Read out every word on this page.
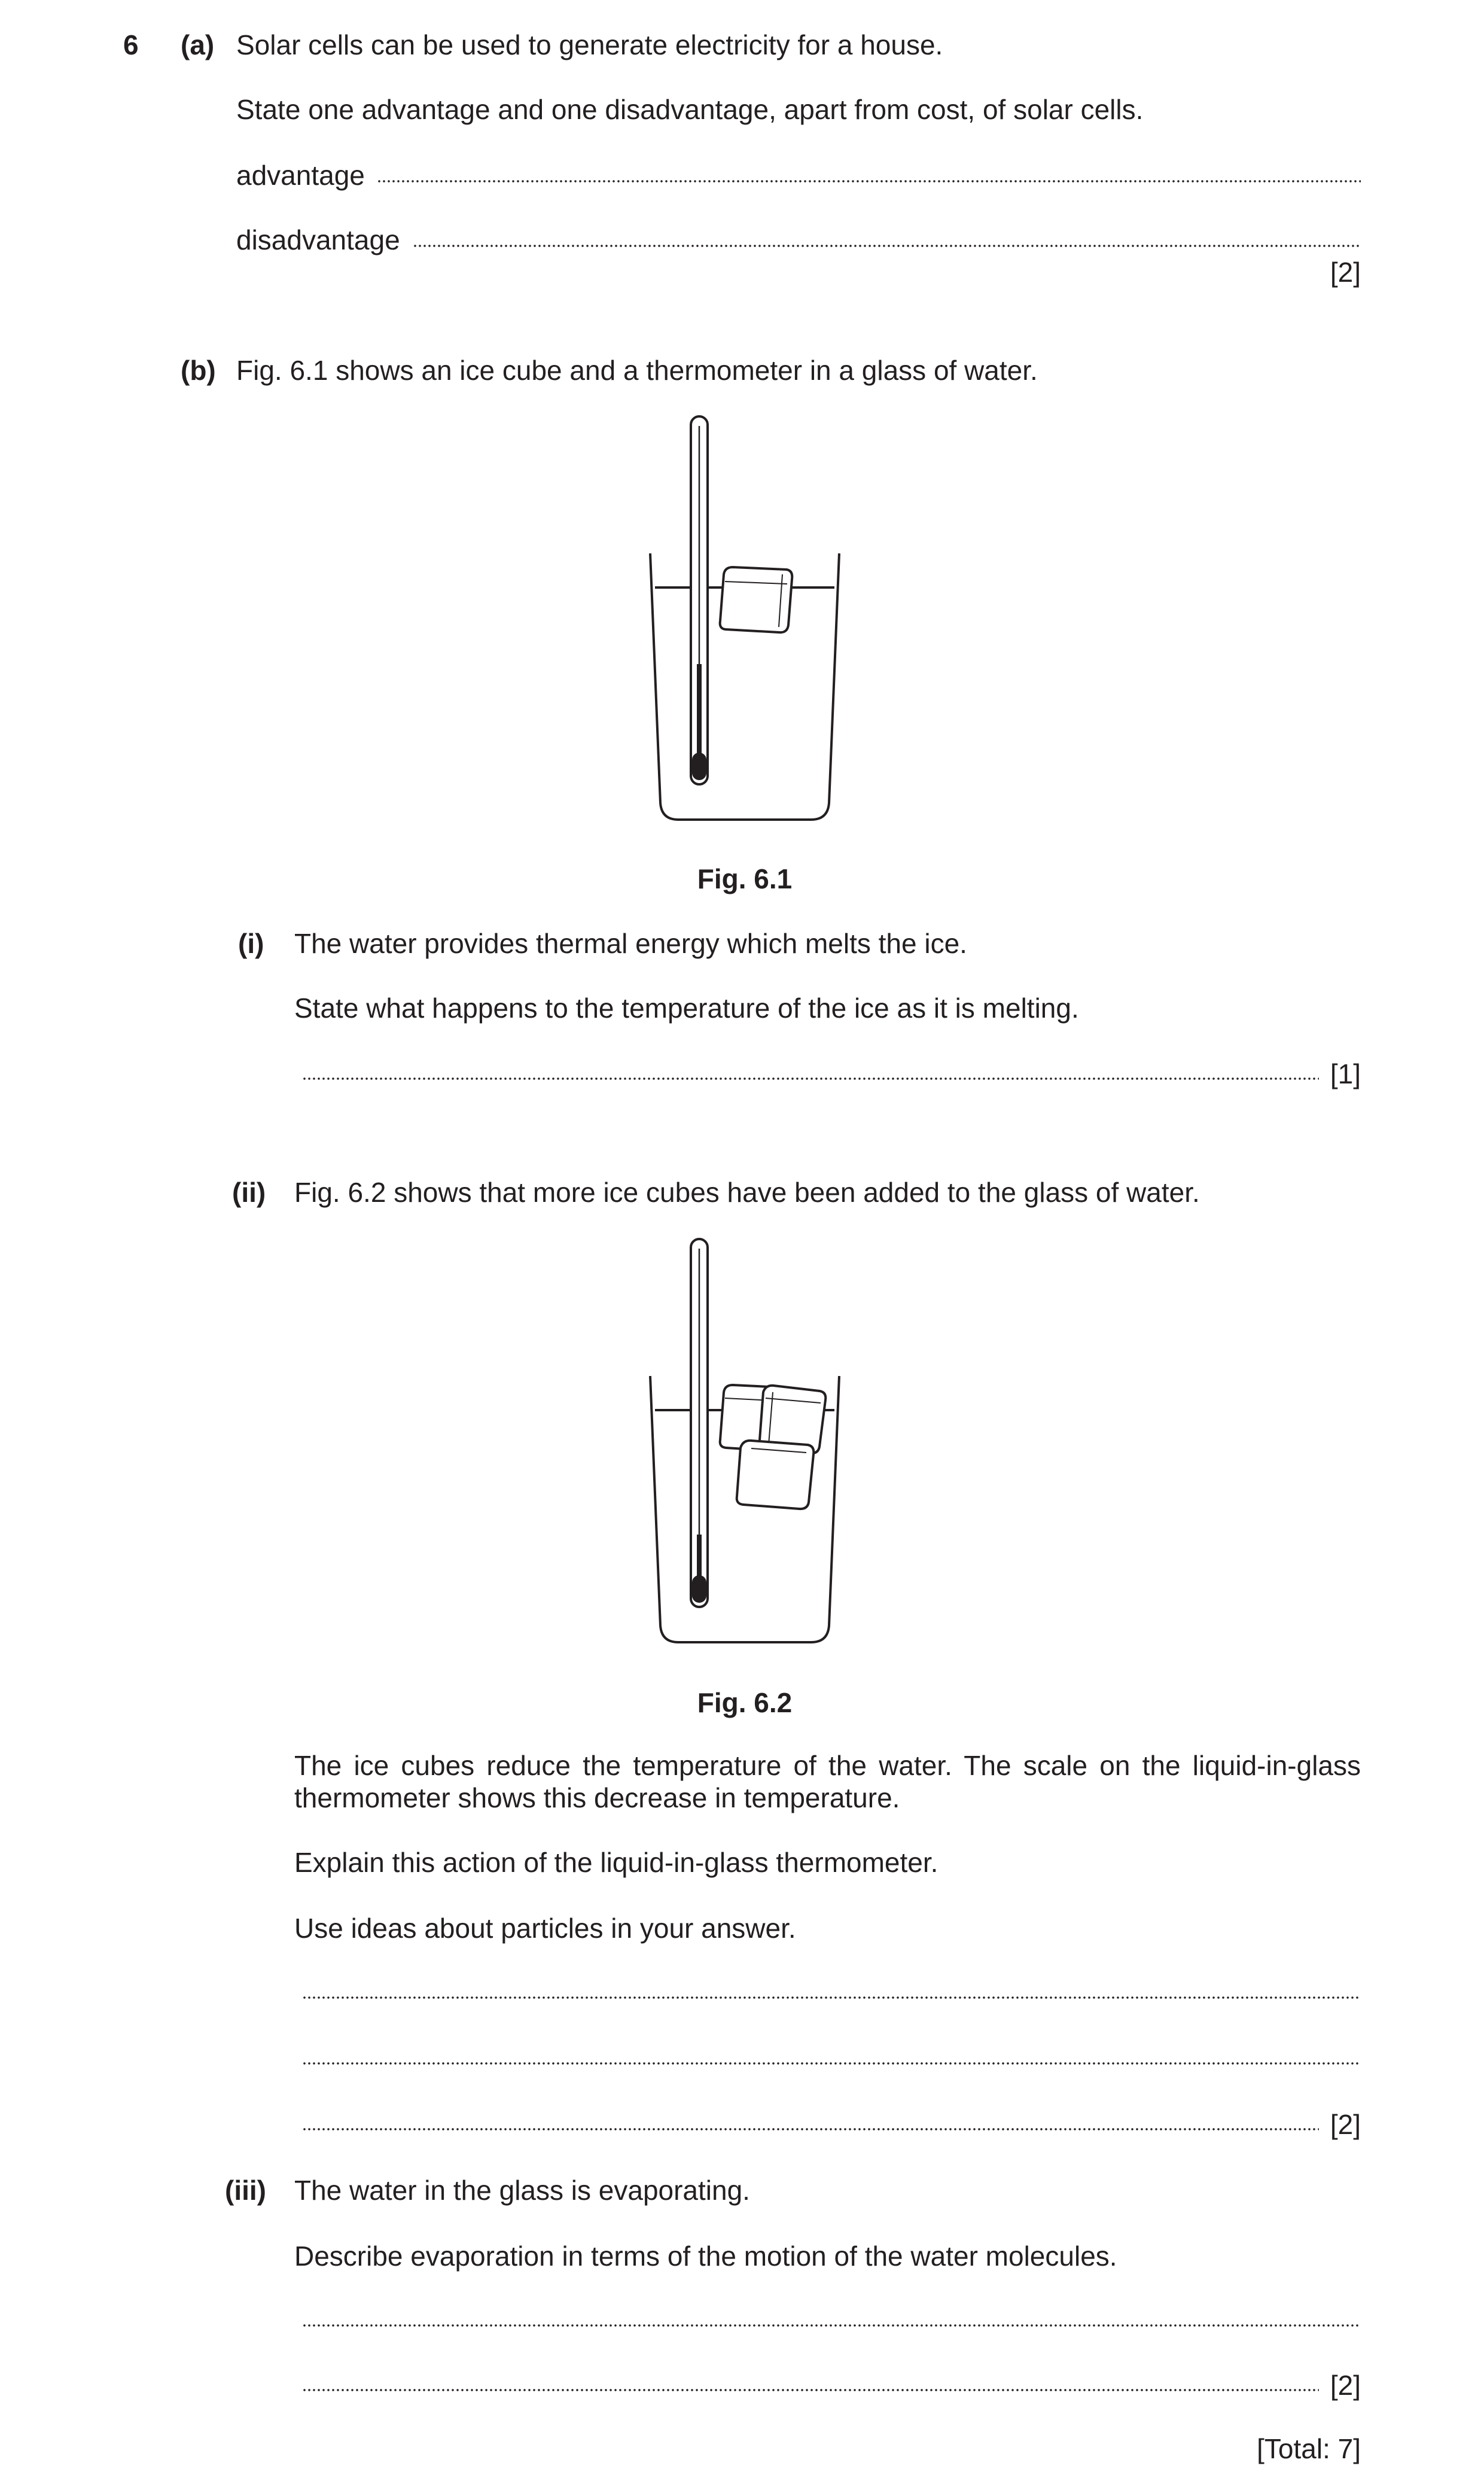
6 (a) Solar cells can be used to generate electricity for a house.
State one advantage and one disadvantage, apart from cost, of solar cells.
advantage
disadvantage
[2]
(b) Fig. 6.1 shows an ice cube and a thermometer in a glass of water.
Fig. 6.1
(i) The water provides thermal energy which melts the ice.
State what happens to the temperature of the ice as it is melting.
[1]
(ii) Fig. 6.2 shows that more ice cubes have been added to the glass of water.
Fig. 6.2
The ice cubes reduce the temperature of the water. The scale on the liquid-in-glass thermometer shows this decrease in temperature.
Explain this action of the liquid-in-glass thermometer.
Use ideas about particles in your answer.
[2]
(iii) The water in the glass is evaporating.
Describe evaporation in terms of the motion of the water molecules.
[2]
[Total: 7]
